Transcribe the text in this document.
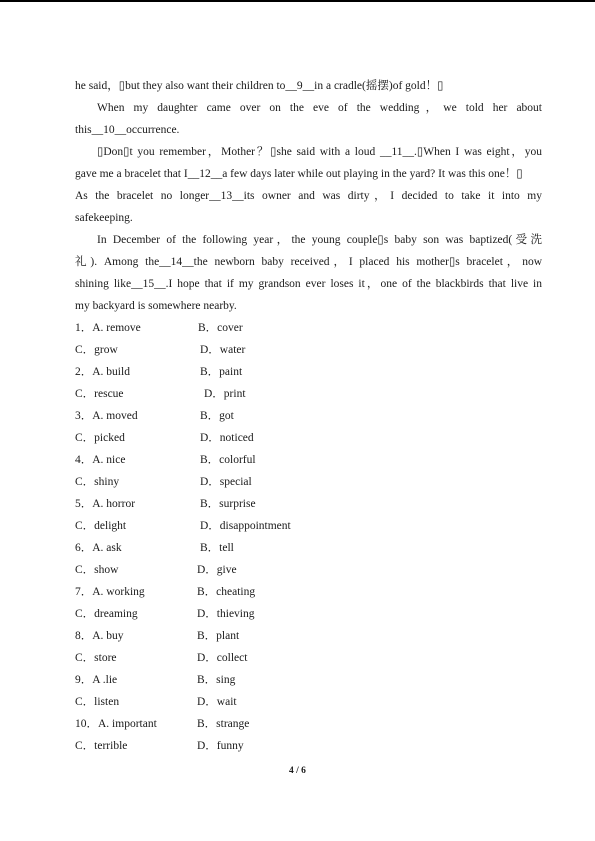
he said，▯but they also want their children to__9__in a cradle(摇摆)of gold！▯
When my daughter came over on the eve of the wedding，we told her about
this__10__occurrence.
▯Don▯t you remember，Mother？▯she said with a loud __11__.▯When I was eight，you
gave me a bracelet that I__12__a few days later while out playing in the yard? It was this one！▯
As the bracelet no longer__13__its owner and was dirty，I decided to take it into my
safekeeping.
In December of the following year，the young couple▯s baby son was baptized(受洗
礼). Among the__14__the newborn baby received，I placed his mother▯s bracelet，now
shining like__15__.I hope that if my grandson ever loses it，one of the blackbirds that live in
my backyard is somewhere nearby.
1．A. remove	B．cover
C．grow	D．water
2．A. build	B．paint
C．rescue	D．print
3．A. moved	B．got
C．picked	D．noticed
4．A. nice	B．colorful
C．shiny	D．special
5．A. horror	B．surprise
C．delight	D．disappointment
6．A. ask	B．tell
C．show	D．give
7．A. working	B．cheating
C．dreaming	D．thieving
8．A. buy	B．plant
C．store	D．collect
9．A .lie	B．sing
C．listen	D．wait
10．A. important	B．strange
C．terrible	D．funny
4 / 6
